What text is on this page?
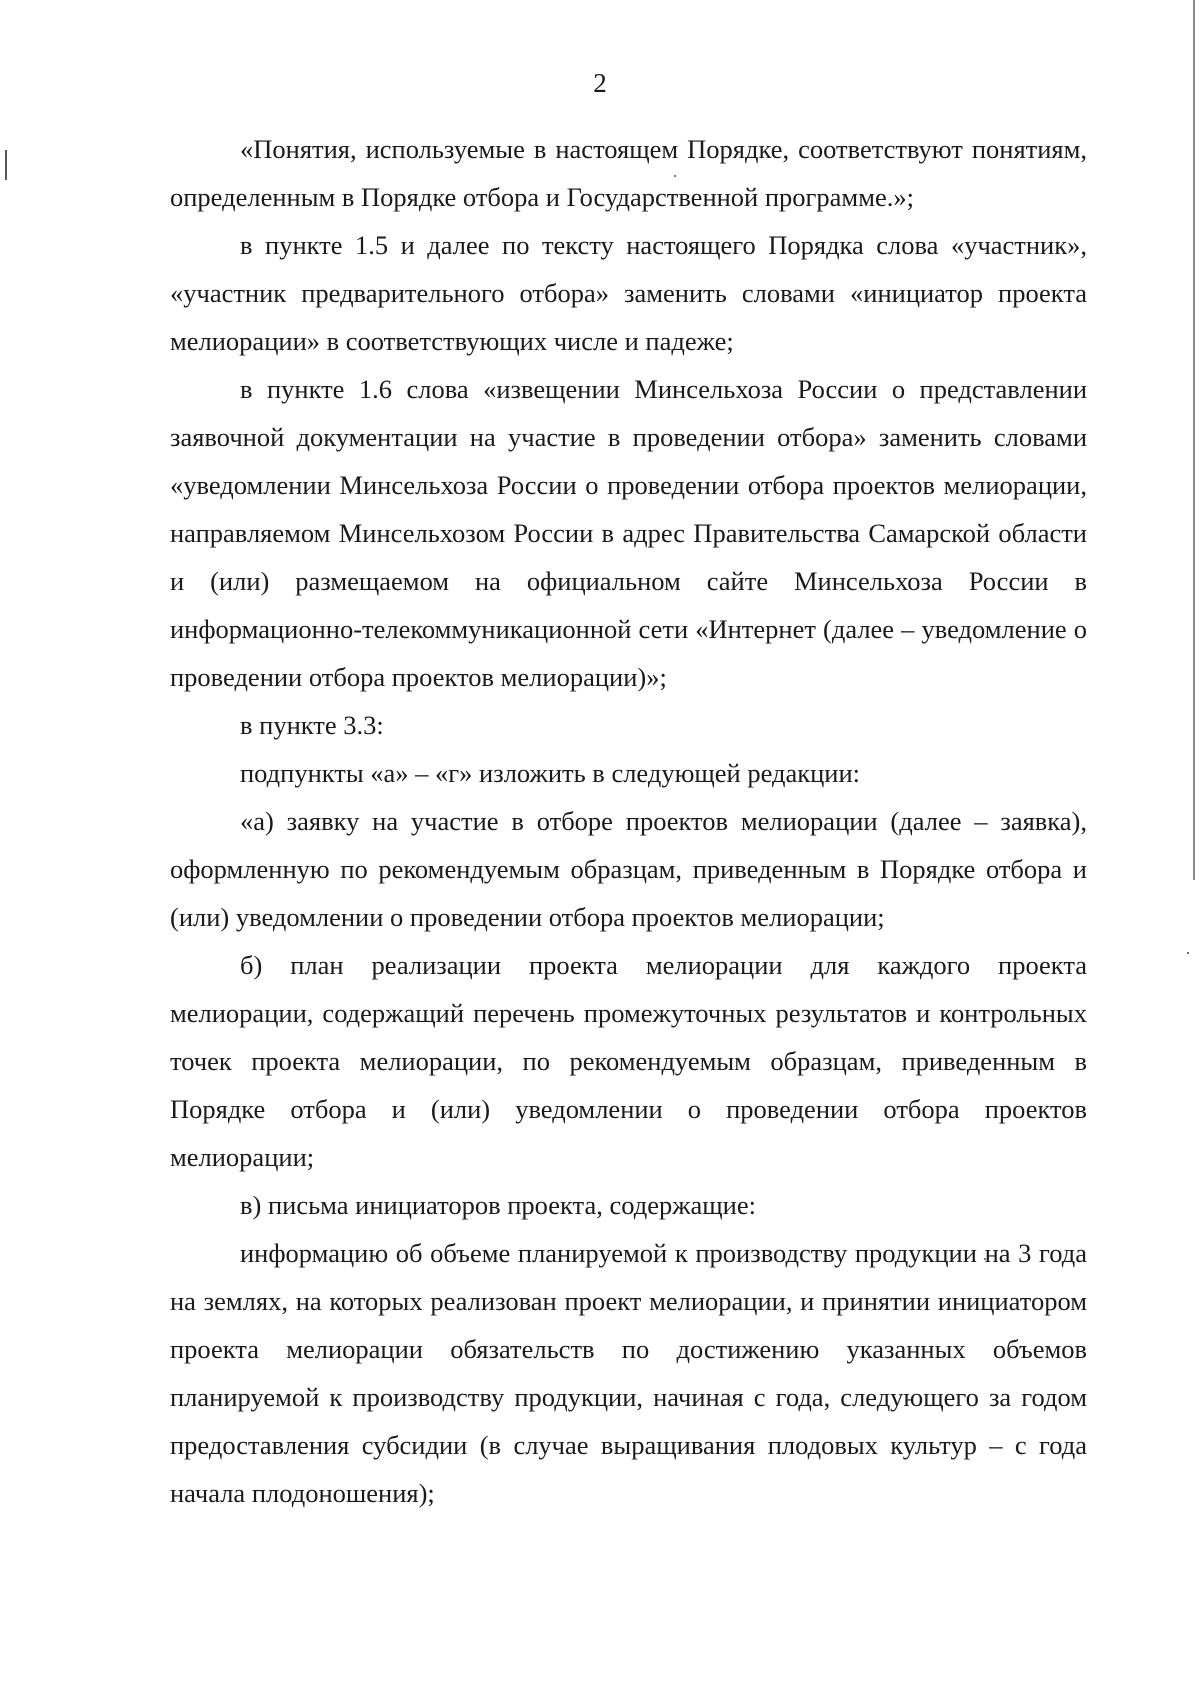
2

«Понятия, используемые в настоящем Порядке, соответствуют понятиям, определенным в Порядке отбора и Государственной программе.»;

в пункте 1.5 и далее по тексту настоящего Порядка слова «участник», «участник предварительного отбора» заменить словами «инициатор проекта мелиорации» в соответствующих числе и падеже;

в пункте 1.6 слова «извещении Минсельхоза России о представлении заявочной документации на участие в проведении отбора» заменить словами «уведомлении Минсельхоза России о проведении отбора проектов мелиорации, направляемом Минсельхозом России в адрес Правительства Самарской области и (или) размещаемом на официальном сайте Минсельхоза России в информационно-телекоммуникационной сети «Интернет (далее – уведомление о проведении отбора проектов мелиорации)»;

в пункте 3.3:

подпункты «а» – «г» изложить в следующей редакции:

«а) заявку на участие в отборе проектов мелиорации (далее – заявка), оформленную по рекомендуемым образцам, приведенным в Порядке отбора и (или) уведомлении о проведении отбора проектов мелиорации;

б) план реализации проекта мелиорации для каждого проекта мелиорации, содержащий перечень промежуточных результатов и контрольных точек проекта мелиорации, по рекомендуемым образцам, приведенным в Порядке отбора и (или) уведомлении о проведении отбора проектов мелиорации;

в) письма инициаторов проекта, содержащие:

информацию об объеме планируемой к производству продукции на 3 года на землях, на которых реализован проект мелиорации, и принятии инициатором проекта мелиорации обязательств по достижению указанных объемов планируемой к производству продукции, начиная с года, следующего за годом предоставления субсидии (в случае выращивания плодовых культур – с года начала плодоношения);
